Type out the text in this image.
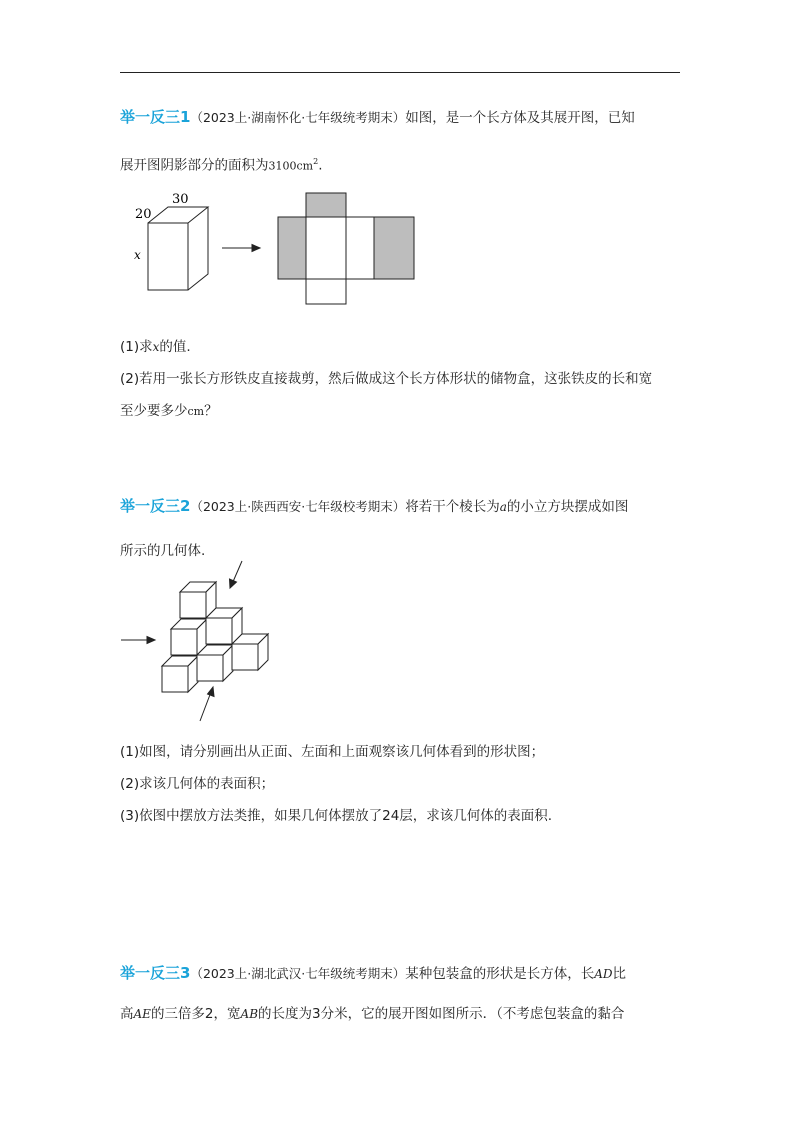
举一反三1（2023上·湖南怀化·七年级统考期末）如图，是一个长方体及其展开图，已知
展开图阴影部分的面积为$3100cm^2$.
30
20
x
(1)求x的值.
(2)若用一张长方形铁皮直接裁剪，然后做成这个长方体形状的储物盒，这张铁皮的长和宽
至少要多少cm？
举一反三2（2023上·陕西西安·七年级校考期末）将若干个棱长为a的小立方块摆成如图
所示的几何体.
(1)如图，请分别画出从正面、左面和上面观察该几何体看到的形状图；
(2)求该几何体的表面积；
(3)依图中摆放方法类推，如果几何体摆放了24层，求该几何体的表面积.
举一反三3（2023上·湖北武汉·七年级统考期末）某种包装盒的形状是长方体，长AD比
高AE的三倍多2，宽AB的长度为3分米，它的展开图如图所示．（不考虑包装盒的黏合
